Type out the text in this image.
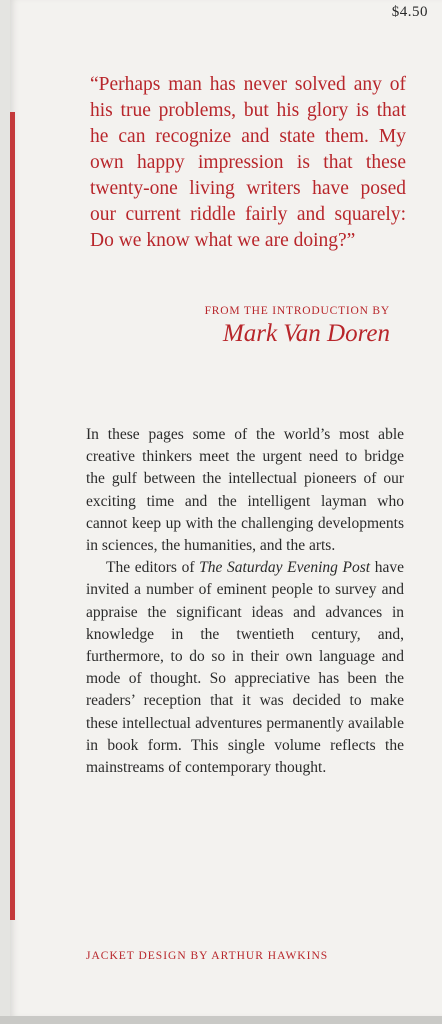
$4.50

“Perhaps man has never solved any of his true problems, but his glory is that he can recognize and state them. My own happy impression is that these twenty-one living writers have posed our current riddle fairly and squarely: Do we know what we are doing?”

FROM THE INTRODUCTION BY

Mark Van Doren

In these pages some of the world’s most able creative thinkers meet the urgent need to bridge the gulf between the intellectual pioneers of our exciting time and the intelligent layman who cannot keep up with the challenging developments in sciences, the humanities, and the arts.

The editors of The Saturday Evening Post have invited a number of eminent people to survey and appraise the significant ideas and advances in knowledge in the twentieth century, and, furthermore, to do so in their own language and mode of thought. So appreciative has been the readers’ reception that it was decided to make these intellectual adventures permanently available in book form. This single volume reflects the mainstreams of contemporary thought.

JACKET DESIGN BY ARTHUR HAWKINS
